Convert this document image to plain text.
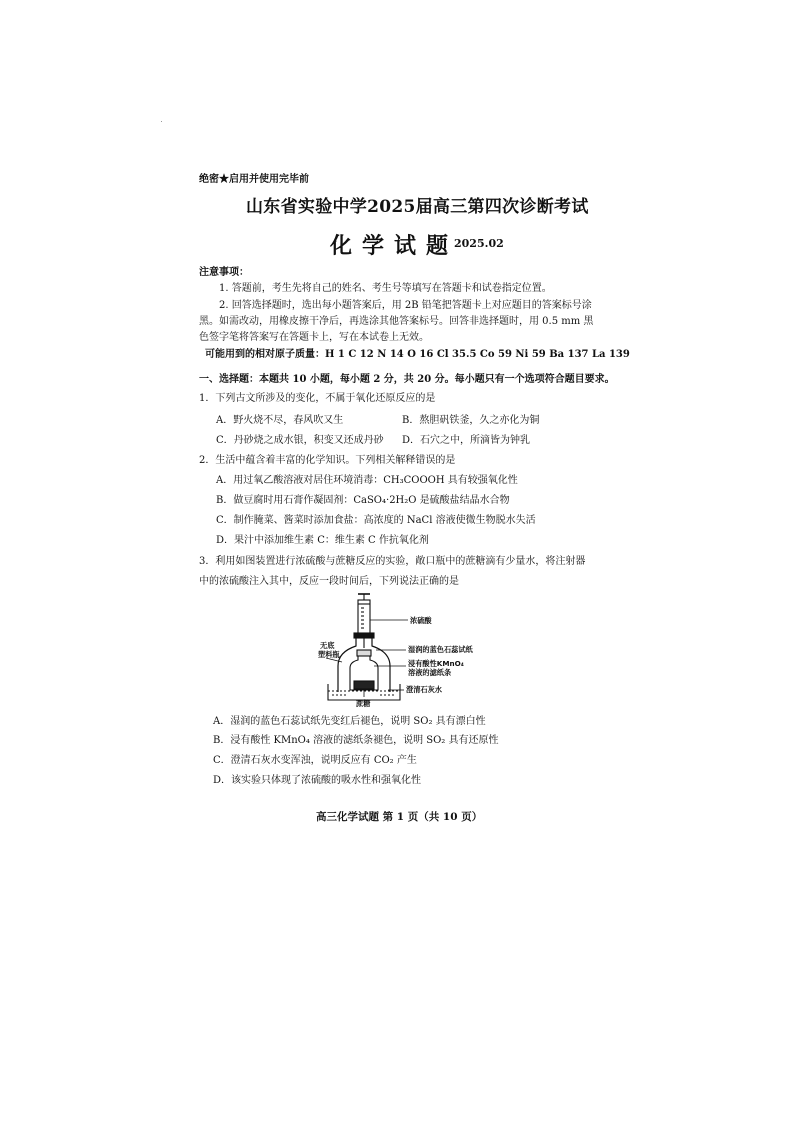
绝密★启用并使用完毕前
山东省实验中学2025届高三第四次诊断考试
化学试题
2025.02
注意事项：
1. 答题前，考生先将自己的姓名、考生号等填写在答题卡和试卷指定位置。
2. 回答选择题时，选出每小题答案后，用 2B 铅笔把答题卡上对应题目的答案标号涂
黑。如需改动，用橡皮擦干净后，再选涂其他答案标号。回答非选择题时，用 0.5 mm 黑
色签字笔将答案写在答题卡上，写在本试卷上无效。
可能用到的相对原子质量：H 1 C 12 N 14 O 16 Cl 35.5 Co 59 Ni 59 Ba 137 La 139
一、选择题：本题共 10 小题，每小题 2 分，共 20 分。每小题只有一个选项符合题目要求。
1．下列古文所涉及的变化，不属于氧化还原反应的是
A．野火烧不尽，春风吹又生	B．熬胆矾铁釜，久之亦化为铜
C．丹砂烧之成水银，积变又还成丹砂 D．石穴之中，所滴皆为钟乳
2．生活中蕴含着丰富的化学知识。下列相关解释错误的是
A．用过氧乙酸溶液对居住环境消毒：CH₃COOOH 具有较强氧化性
B．做豆腐时用石膏作凝固剂：CaSO₄·2H₂O 是硫酸盐结晶水合物
C．制作腌菜、酱菜时添加食盐：高浓度的 NaCl 溶液使微生物脱水失活
D．果汁中添加维生素 C：维生素 C 作抗氧化剂
3．利用如图装置进行浓硫酸与蔗糖反应的实验，敞口瓶中的蔗糖滴有少量水，将注射器
中的浓硫酸注入其中，反应一段时间后，下列说法正确的是
浓硫酸
湿润的蓝色石蕊试纸
浸有酸性KMnO₄
溶液的滤纸条
无底
塑料瓶
澄清石灰水
蔗糖
A．湿润的蓝色石蕊试纸先变红后褪色，说明 SO₂ 具有漂白性
B．浸有酸性 KMnO₄ 溶液的滤纸条褪色，说明 SO₂ 具有还原性
C．澄清石灰水变浑浊，说明反应有 CO₂ 产生
D．该实验只体现了浓硫酸的吸水性和强氧化性
高三化学试题 第 1 页（共 10 页）
